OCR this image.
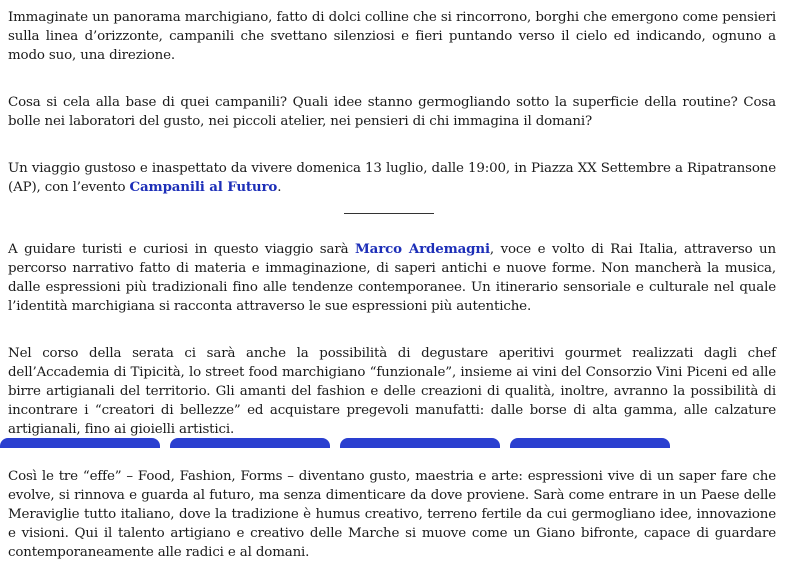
Immaginate un panorama marchigiano, fatto di dolci colline che si rincorrono, borghi che emergono come pensieri sulla linea d’orizzonte, campanili che svettano silenziosi e fieri puntando verso il cielo ed indicando, ognuno a modo suo, una direzione.

Cosa si cela alla base di quei campanili? Quali idee stanno germogliando sotto la superficie della routine? Cosa bolle nei laboratori del gusto, nei piccoli atelier, nei pensieri di chi immagina il domani?

Un viaggio gustoso e inaspettato da vivere domenica 13 luglio, dalle 19:00, in Piazza XX Settembre a Ripatransone (AP), con l’evento Campanili al Futuro.

A guidare turisti e curiosi in questo viaggio sarà Marco Ardemagni, voce e volto di Rai Italia, attraverso un percorso narrativo fatto di materia e immaginazione, di saperi antichi e nuove forme. Non mancherà la musica, dalle espressioni più tradizionali fino alle tendenze contemporanee. Un itinerario sensoriale e culturale nel quale l’identità marchigiana si racconta attraverso le sue espressioni più autentiche.

Nel corso della serata ci sarà anche la possibilità di degustare aperitivi gourmet realizzati dagli chef dell’Accademia di Tipicità, lo street food marchigiano “funzionale”, insieme ai vini del Consorzio Vini Piceni ed alle birre artigianali del territorio. Gli amanti del fashion e delle creazioni di qualità, inoltre, avranno la possibilità di incontrare i “creatori di bellezze” ed acquistare pregevoli manufatti: dalle borse di alta gamma, alle calzature artigianali, fino ai gioielli artistici.

Così le tre “effe” – Food, Fashion, Forms – diventano gusto, maestria e arte: espressioni vive di un saper fare che evolve, si rinnova e guarda al futuro, ma senza dimenticare da dove proviene. Sarà come entrare in un Paese delle Meraviglie tutto italiano, dove la tradizione è humus creativo, terreno fertile da cui germogliano idee, innovazione e visioni. Qui il talento artigiano e creativo delle Marche si muove come un Giano bifronte, capace di guardare contemporaneamente alle radici e al domani.
